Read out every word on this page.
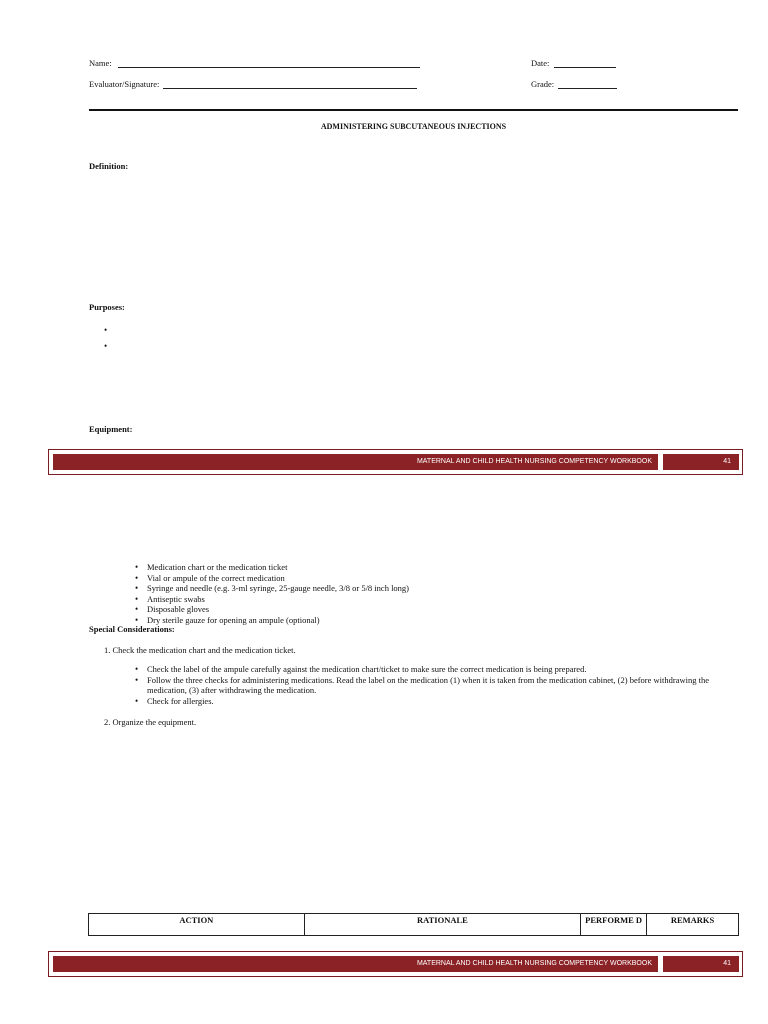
Name:	Date:
Evaluator/Signature:	Grade:
ADMINISTERING SUBCUTANEOUS INJECTIONS
Definition:
Purposes:
•
•
Equipment:
MATERNAL AND CHILD HEALTH NURSING COMPETENCY WORKBOOK	41
• Medication chart or the medication ticket
• Vial or ampule of the correct medication
• Syringe and needle (e.g. 3-ml syringe, 25-gauge needle, 3/8 or 5/8 inch long)
• Antiseptic swabs
• Disposable gloves
• Dry sterile gauze for opening an ampule (optional)
Special Considerations:
1. Check the medication chart and the medication ticket.
• Check the label of the ampule carefully against the medication chart/ticket to make sure the correct medication is being prepared.
• Follow the three checks for administering medications. Read the label on the medication (1) when it is taken from the medication cabinet, (2) before withdrawing the medication, (3) after withdrawing the medication.
• Check for allergies.
2. Organize the equipment.
ACTION	RATIONALE	PERFORME D	REMARKS
MATERNAL AND CHILD HEALTH NURSING COMPETENCY WORKBOOK	41
